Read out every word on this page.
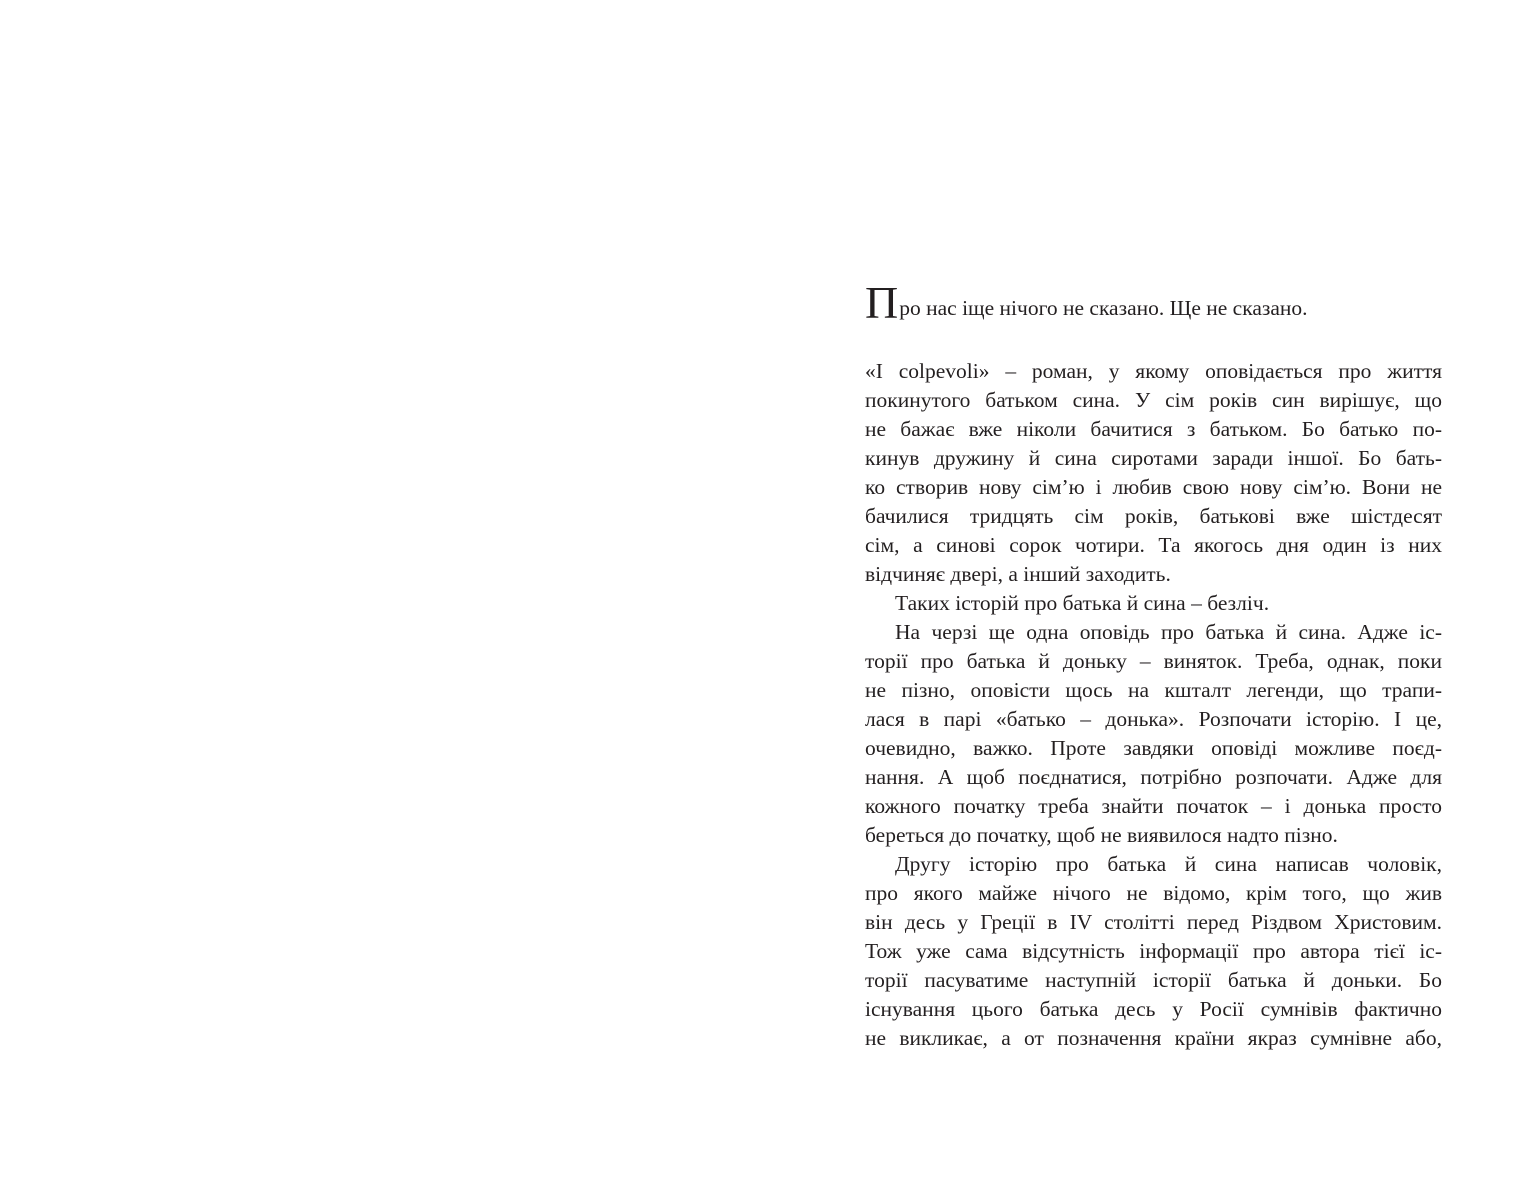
Про нас іще нічого не сказано. Ще не сказано.

«I colpevoli» – роман, у якому оповідається про життя
покинутого батьком сина. У сім років син вирішує, що
не бажає вже ніколи бачитися з батьком. Бо батько по-
кинув дружину й сина сиротами заради іншої. Бо бать-
ко створив нову сім’ю і любив свою нову сім’ю. Вони не
бачилися тридцять сім років, батькові вже шістдесят
сім, а синові сорок чотири. Та якогось дня один із них
відчиняє двері, а інший заходить.
Таких історій про батька й сина – безліч.
На черзі ще одна оповідь про батька й сина. Адже іс-
торії про батька й доньку – виняток. Треба, однак, поки
не пізно, оповісти щось на кшталт легенди, що трапи-
лася в парі «батько – донька». Розпочати історію. І це,
очевидно, важко. Проте завдяки оповіді можливе поєд-
нання. А щоб поєднатися, потрібно розпочати. Адже для
кожного початку треба знайти початок – і донька просто
береться до початку, щоб не виявилося надто пізно.
Другу історію про батька й сина написав чоловік,
про якого майже нічого не відомо, крім того, що жив
він десь у Греції в IV столітті перед Різдвом Христовим.
Тож уже сама відсутність інформації про автора тієї іс-
торії пасуватиме наступній історії батька й доньки. Бо
існування цього батька десь у Росії сумнівів фактично
не викликає, а от позначення країни якраз сумнівне або,
